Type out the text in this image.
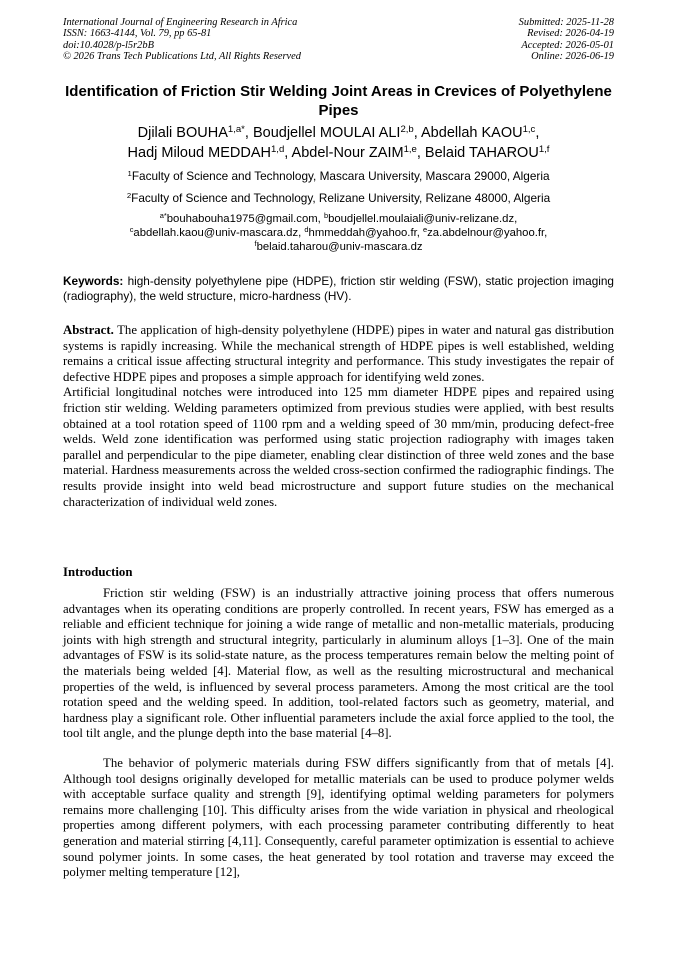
International Journal of Engineering Research in Africa
ISSN: 1663-4144, Vol. 79, pp 65-81
doi:10.4028/p-l5r2bB
© 2026 Trans Tech Publications Ltd, All Rights Reserved
Submitted: 2025-11-28
Revised: 2026-04-19
Accepted: 2026-05-01
Online: 2026-06-19
Identification of Friction Stir Welding Joint Areas in Crevices of Polyethylene Pipes
Djilali $BOUHA^{1,a*}$, Boudjellel MOULAI ALI$^{2,b}$, Abdellah KAOU$^{1,c}$,
Hadj Miloud MEDDAH$^{1,d}$, Abdel-Nour ZAIM$^{1,e}$, Belaid TAHAROU$^{1,f}$
$^1$Faculty of Science and Technology, Mascara University, Mascara 29000, Algeria
$^2$Faculty of Science and Technology, Relizane University, Relizane 48000, Algeria
$^{a*}$bouhabouha1975@gmail.com, $^b$boudjellel.moulaiali@univ-relizane.dz,
$^c$abdellah.kaou@univ-mascara.dz, $^d$hmmeddah@yahoo.fr, $^e$za.abdelnour@yahoo.fr,
$^f$belaid.taharou@univ-mascara.dz
Keywords: high-density polyethylene pipe (HDPE), friction stir welding (FSW), static projection imaging (radiography), the weld structure, micro-hardness (HV).

Abstract. The application of high-density polyethylene (HDPE) pipes in water and natural gas distribution systems is rapidly increasing. While the mechanical strength of HDPE pipes is well established, welding remains a critical issue affecting structural integrity and performance. This study investigates the repair of defective HDPE pipes and proposes a simple approach for identifying weld zones.

Artificial longitudinal notches were introduced into 125 mm diameter HDPE pipes and repaired using friction stir welding. Welding parameters optimized from previous studies were applied, with best results obtained at a tool rotation speed of 1100 rpm and a welding speed of 30 mm/min, producing defect-free welds. Weld zone identification was performed using static projection radiography with images taken parallel and perpendicular to the pipe diameter, enabling clear distinction of three weld zones and the base material. Hardness measurements across the welded cross-section confirmed the radiographic findings. The results provide insight into weld bead microstructure and support future studies on the mechanical characterization of individual weld zones.

Introduction

Friction stir welding (FSW) is an industrially attractive joining process that offers numerous advantages when its operating conditions are properly controlled. In recent years, FSW has emerged as a reliable and efficient technique for joining a wide range of metallic and non-metallic materials, producing joints with high strength and structural integrity, particularly in aluminum alloys [1–3]. One of the main advantages of FSW is its solid-state nature, as the process temperatures remain below the melting point of the materials being welded [4]. Material flow, as well as the resulting microstructural and mechanical properties of the weld, is influenced by several process parameters. Among the most critical are the tool rotation speed and the welding speed. In addition, tool-related factors such as geometry, material, and hardness play a significant role. Other influential parameters include the axial force applied to the tool, the tool tilt angle, and the plunge depth into the base material [4–8].

The behavior of polymeric materials during FSW differs significantly from that of metals [4]. Although tool designs originally developed for metallic materials can be used to produce polymer welds with acceptable surface quality and strength [9], identifying optimal welding parameters for polymers remains more challenging [10]. This difficulty arises from the wide variation in physical and rheological properties among different polymers, with each processing parameter contributing differently to heat generation and material stirring [4,11]. Consequently, careful parameter optimization is essential to achieve sound polymer joints. In some cases, the heat generated by tool rotation and traverse may exceed the polymer melting temperature [12],
